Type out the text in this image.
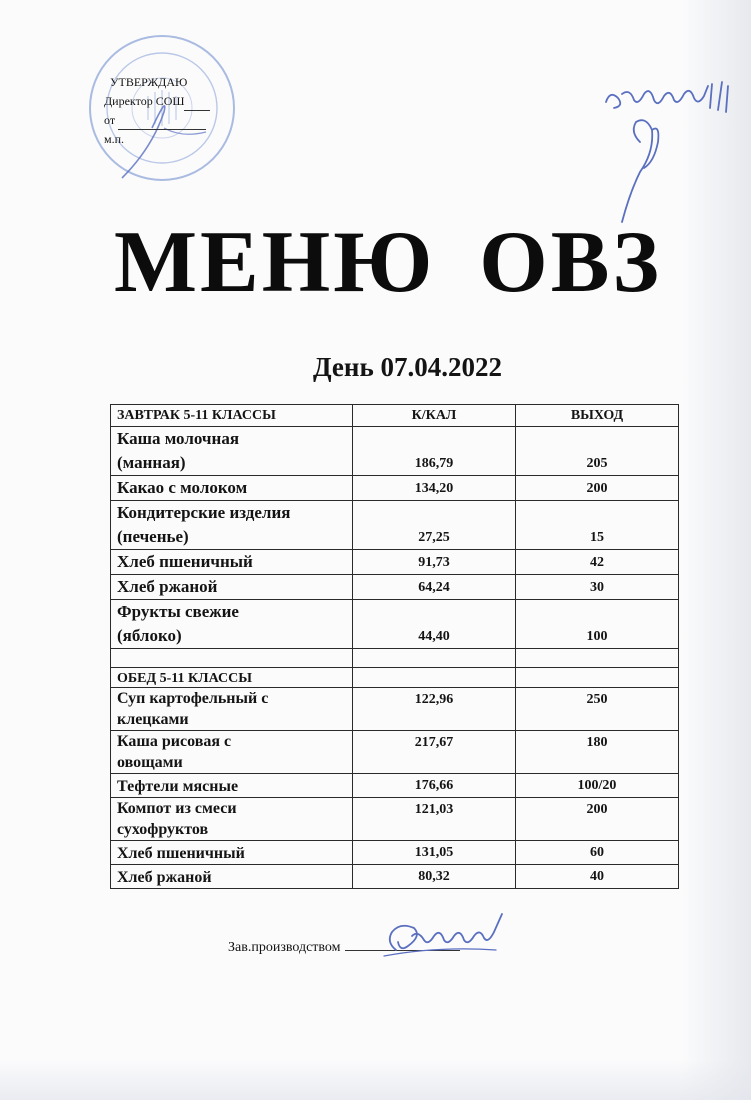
УТВЕРЖДАЮ
Директор СОШ
от
м.п.
МЕНЮ ОВЗ
День 07.04.2022
ЗАВТРАК 5-11 КЛАССЫ	К/КАЛ	ВЫХОД

Каша молочная
(манная)	186,79	205

Какао с молоком	134,20	200

Кондитерские изделия
(печенье)	27,25	15

Хлеб пшеничный	91,73	42

Хлеб ржаной	64,24	30

Фрукты свежие
(яблоко)	44,40	100

ОБЕД 5-11 КЛАССЫ		

Суп картофельный с
клецками	122,96	250

Каша рисовая с
овощами	217,67	180

Тефтели мясные	176,66	100/20

Компот из смеси
сухофруктов	121,03	200

Хлеб пшеничный	131,05	60

Хлеб ржаной	80,32	40
Зав.производством
